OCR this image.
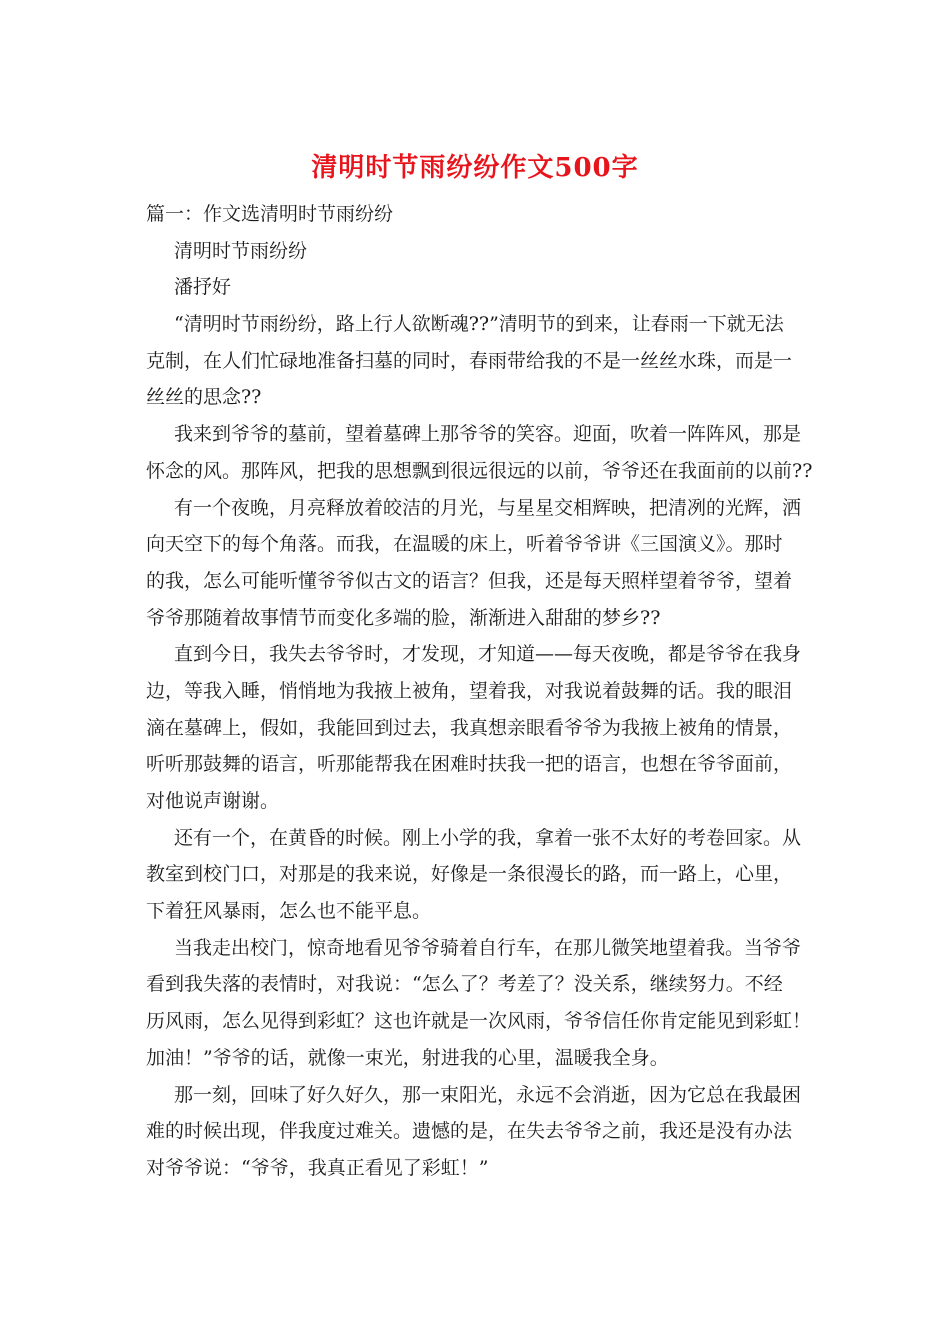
清明时节雨纷纷作文500字
篇一：作文选清明时节雨纷纷
清明时节雨纷纷
潘抒好
“清明时节雨纷纷，路上行人欲断魂??”清明节的到来，让春雨一下就无法
克制，在人们忙碌地准备扫墓的同时，春雨带给我的不是一丝丝水珠，而是一
丝丝的思念??
我来到爷爷的墓前，望着墓碑上那爷爷的笑容。迎面，吹着一阵阵风，那是
怀念的风。那阵风，把我的思想飘到很远很远的以前，爷爷还在我面前的以前??
有一个夜晚，月亮释放着皎洁的月光，与星星交相辉映，把清冽的光辉，洒
向天空下的每个角落。而我，在温暖的床上，听着爷爷讲《三国演义》。那时
的我，怎么可能听懂爷爷似古文的语言？但我，还是每天照样望着爷爷，望着
爷爷那随着故事情节而变化多端的脸，渐渐进入甜甜的梦乡??
直到今日，我失去爷爷时，才发现，才知道——每天夜晚，都是爷爷在我身
边，等我入睡，悄悄地为我掖上被角，望着我，对我说着鼓舞的话。我的眼泪
滴在墓碑上，假如，我能回到过去，我真想亲眼看爷爷为我掖上被角的情景，
听听那鼓舞的语言，听那能帮我在困难时扶我一把的语言，也想在爷爷面前，
对他说声谢谢。
还有一个，在黄昏的时候。刚上小学的我，拿着一张不太好的考卷回家。从
教室到校门口，对那是的我来说，好像是一条很漫长的路，而一路上，心里，
下着狂风暴雨，怎么也不能平息。
当我走出校门，惊奇地看见爷爷骑着自行车，在那儿微笑地望着我。当爷爷
看到我失落的表情时，对我说：“怎么了？考差了？没关系，继续努力。不经
历风雨，怎么见得到彩虹？这也许就是一次风雨，爷爷信任你肯定能见到彩虹！
加油！”爷爷的话，就像一束光，射进我的心里，温暖我全身。
那一刻，回味了好久好久，那一束阳光，永远不会消逝，因为它总在我最困
难的时候出现，伴我度过难关。遗憾的是，在失去爷爷之前，我还是没有办法
对爷爷说：“爷爷，我真正看见了彩虹！”
